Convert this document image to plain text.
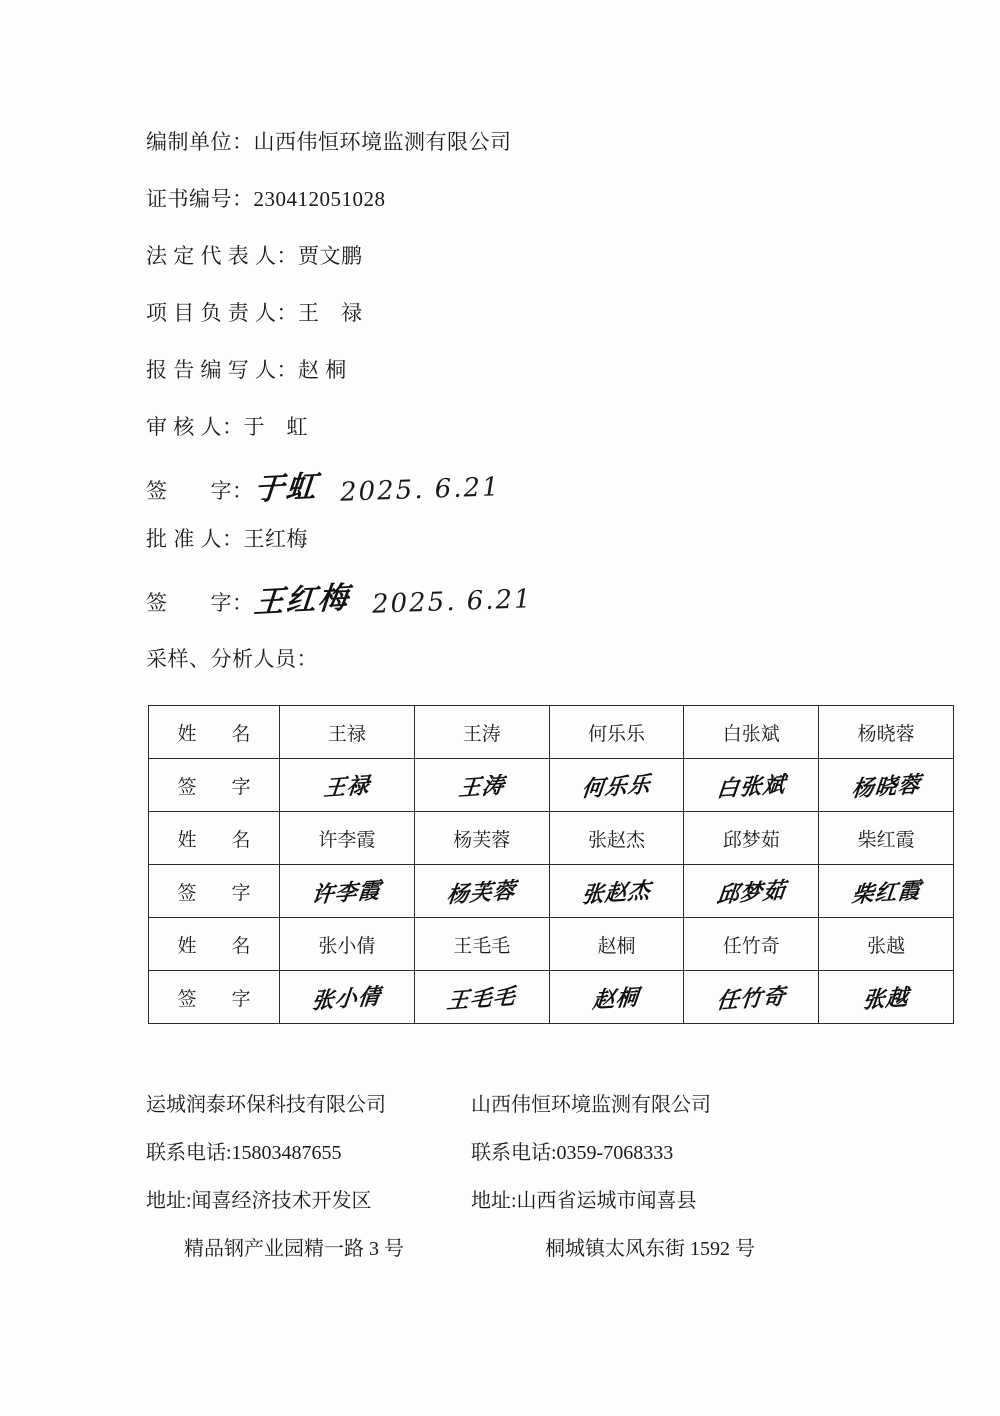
编制单位：山西伟恒环境监测有限公司
证书编号：230412051028
法 定 代 表 人：贾文鹏
项 目 负 责 人：王　禄
报 告 编 写 人：赵 桐
审 核 人：于　虹
签　　字：于虹 2025. 6.21
批 准 人：王红梅
签　　字：王红梅 2025. 6.21
采样、分析人员：
姓　名	王禄	王涛	何乐乐	白张斌	杨晓蓉
签　字	王禄	王涛	何乐乐	白张斌	杨晓蓉
姓　名	许李霞	杨芙蓉	张赵杰	邱梦茹	柴红霞
签　字	许李霞	杨芙蓉	张赵杰	邱梦茹	柴红霞
姓　名	张小倩	王毛毛	赵桐	任竹奇	张越
签　字	张小倩	王毛毛	赵桐	任竹奇	张越
运城润泰环保科技有限公司	山西伟恒环境监测有限公司
联系电话:15803487655	联系电话:0359-7068333
地址:闻喜经济技术开发区	地址:山西省运城市闻喜县
精品钢产业园精一路 3 号	桐城镇太风东街 1592 号
